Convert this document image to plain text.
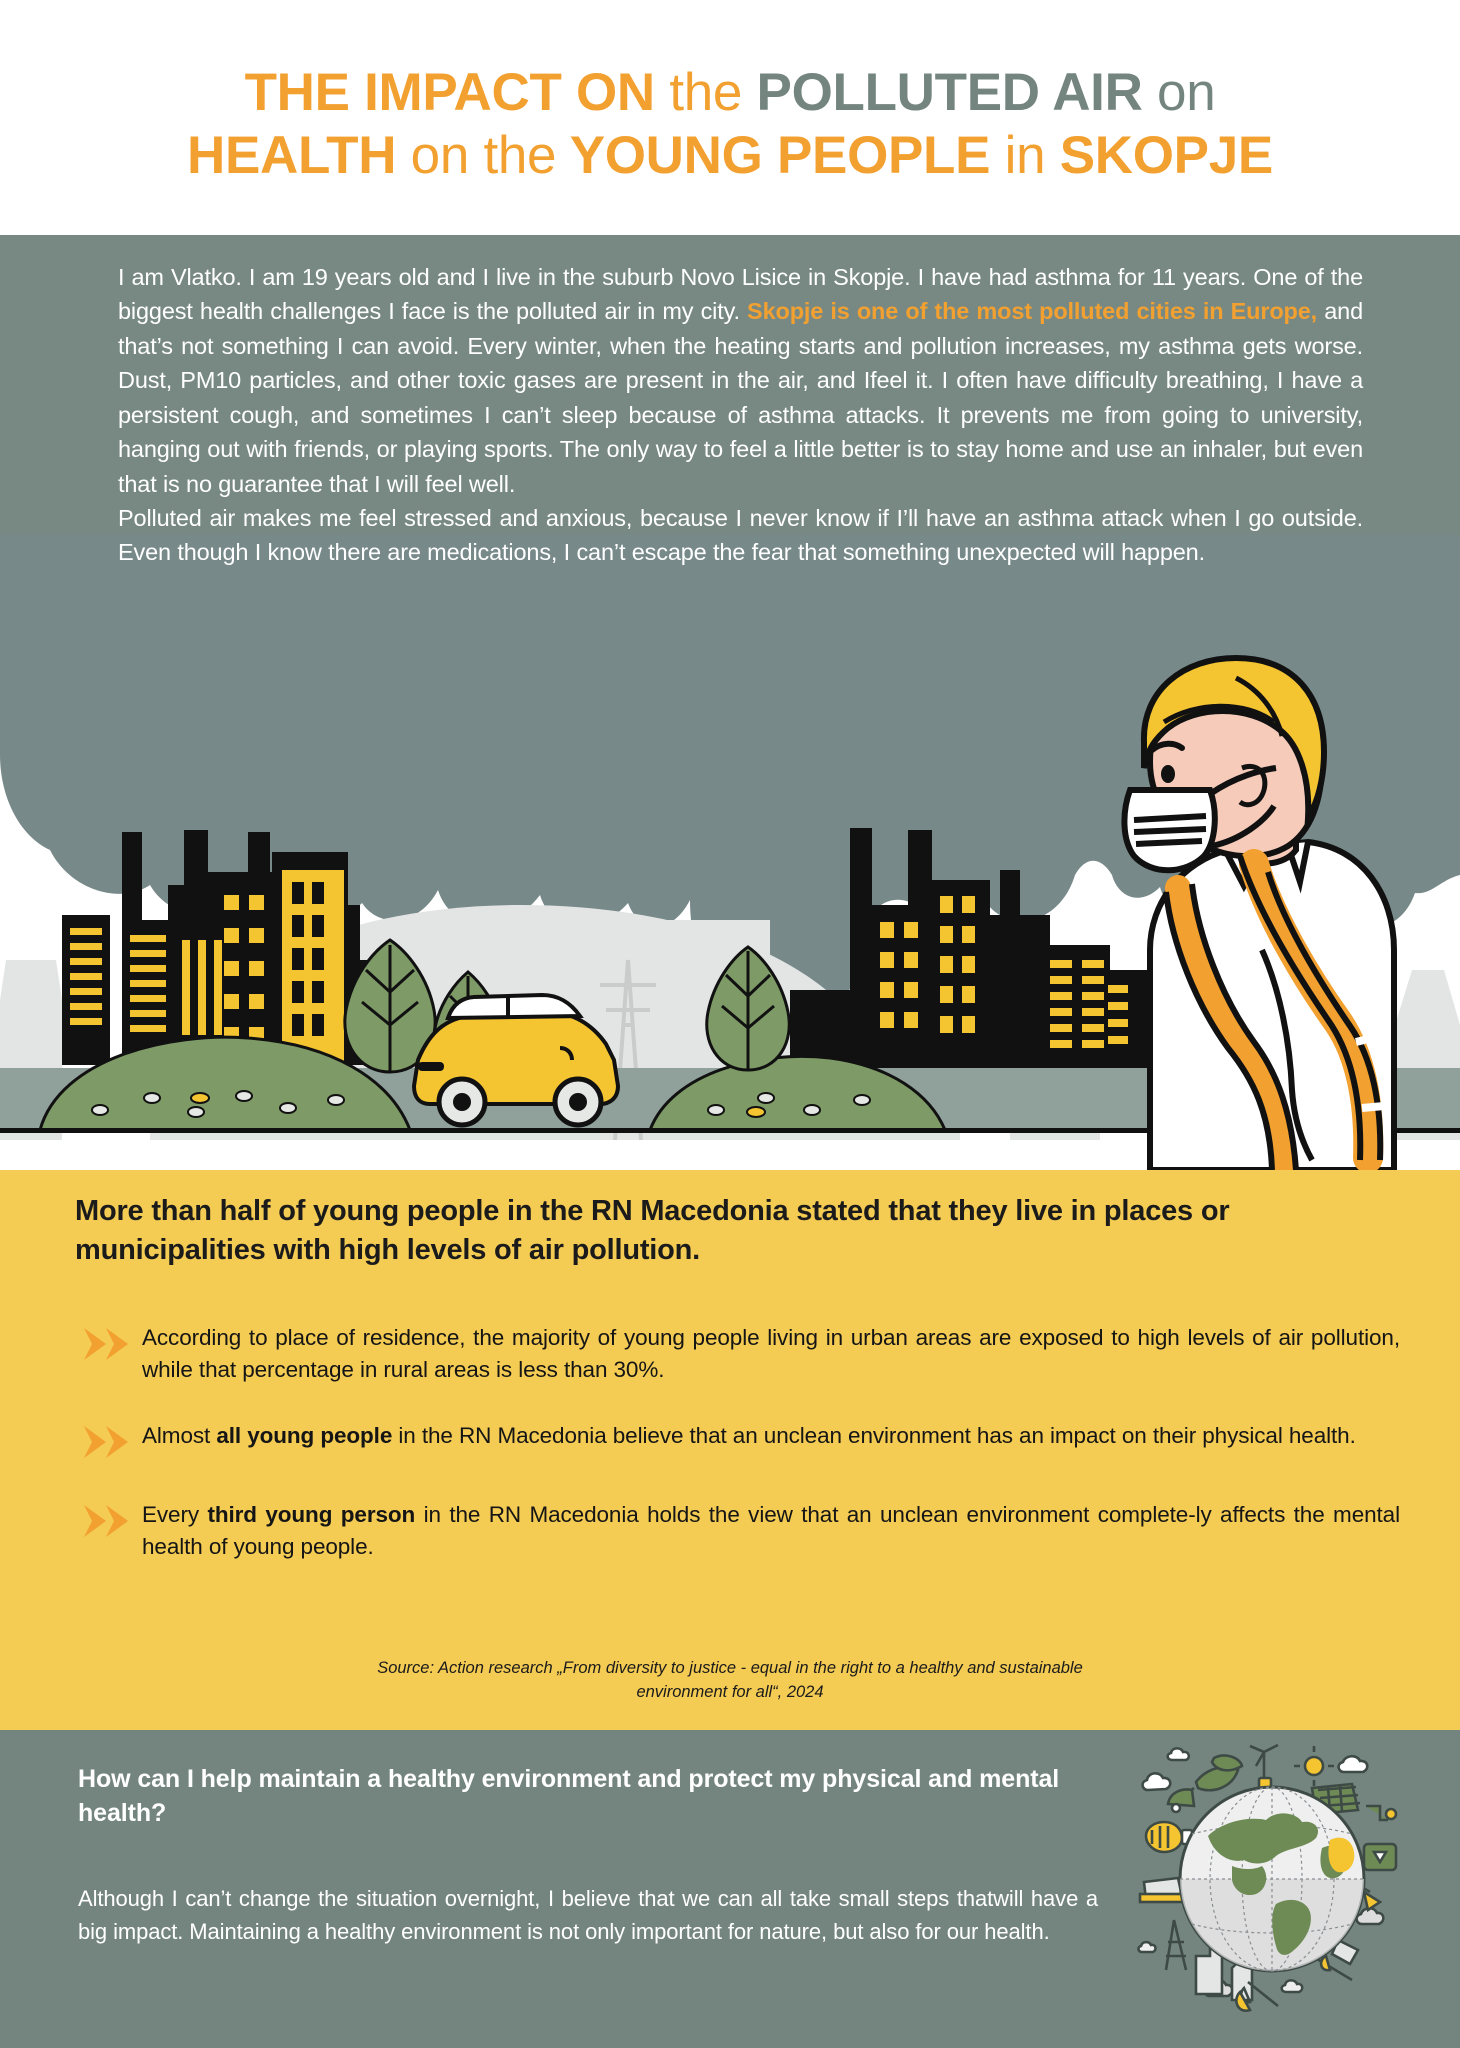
THE IMPACT ON the POLLUTED AIR on
HEALTH on the YOUNG PEOPLE in SKOPJE

I am Vlatko. I am 19 years old and I live in the suburb Novo Lisice in Skopje. I have had asthma for 11 years. One of the biggest health challenges I face is the polluted air in my city. Skopje is one of the most polluted cities in Europe, and that’s not something I can avoid. Every winter, when the heating starts and pollution increases, my asthma gets worse. Dust, PM10 particles, and other toxic gases are present in the air, and Ifeel it. I often have difficulty breathing, I have a persistent cough, and sometimes I can’t sleep because of asthma attacks. It prevents me from going to university, hanging out with friends, or playing sports. The only way to feel a little better is to stay home and use an inhaler, but even that is no guarantee that I will feel well.

Polluted air makes me feel stressed and anxious, because I never know if I’ll have an asthma attack when I go outside. Even though I know there are medications, I can’t escape the fear that something unexpected will happen.

More than half of young people in the RN Macedonia stated that they live in places or municipalities with high levels of air pollution.
According to place of residence, the majority of young people living in urban areas are exposed to high levels of air pollution, while that percentage in rural areas is less than 30%.
Almost all young people in the RN Macedonia believe that an unclean environment has an impact on their physical health.
Every third young person in the RN Macedonia holds the view that an unclean environment complete-ly affects the mental health of young people.
Source: Action research „From diversity to justice - equal in the right to a healthy and sustainable environment for all“, 2024
How can I help maintain a healthy environment and protect my physical and mental health?
Although I can’t change the situation overnight, I believe that we can all take small steps thatwill have a big impact. Maintaining a healthy environment is not only important for nature, but also for our health.
